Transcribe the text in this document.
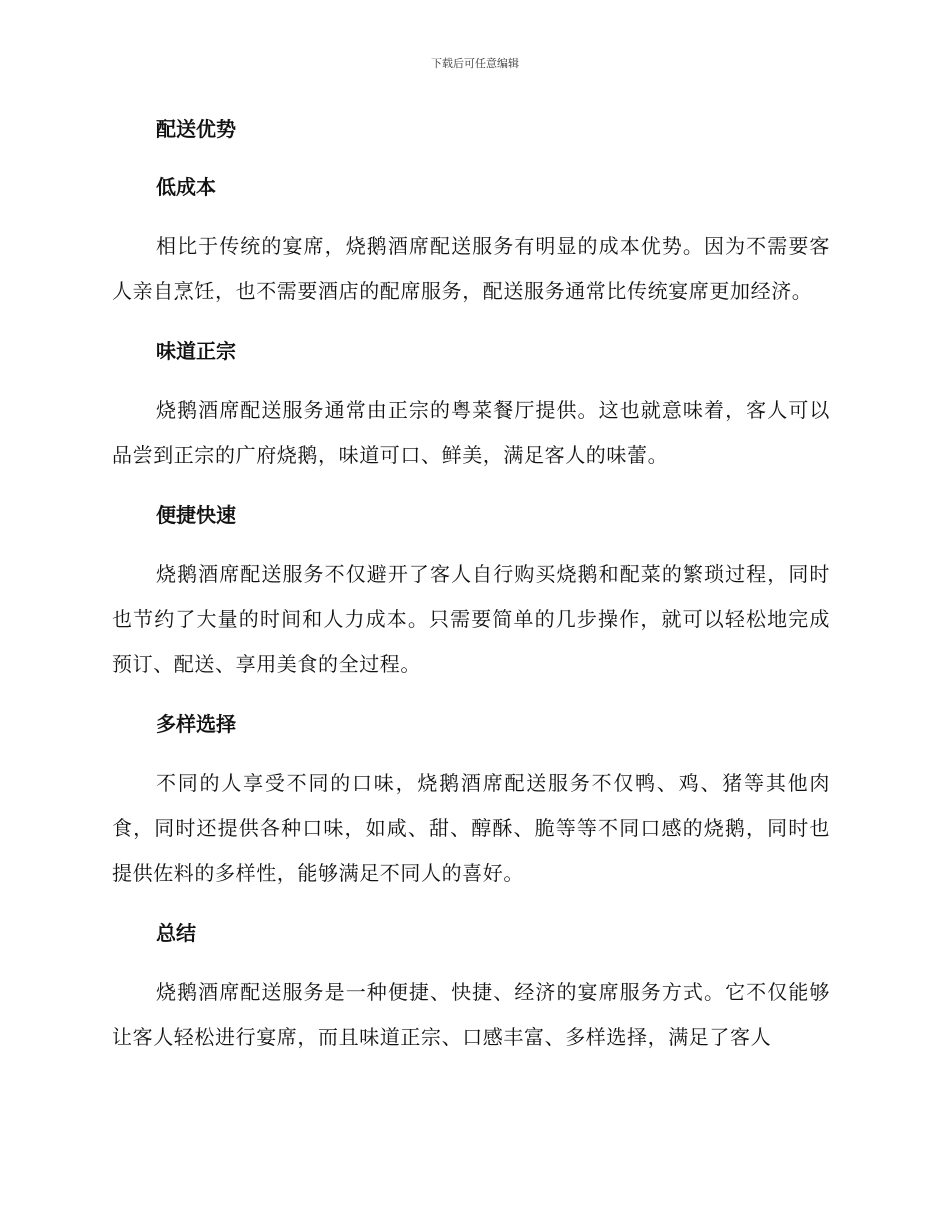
下载后可任意编辑
配送优势
低成本

相比于传统的宴席，烧鹅酒席配送服务有明显的成本优势。因为不需要客人亲自烹饪，也不需要酒店的配席服务，配送服务通常比传统宴席更加经济。

味道正宗

烧鹅酒席配送服务通常由正宗的粤菜餐厅提供。这也就意味着，客人可以品尝到正宗的广府烧鹅，味道可口、鲜美，满足客人的味蕾。

便捷快速

烧鹅酒席配送服务不仅避开了客人自行购买烧鹅和配菜的繁琐过程，同时也节约了大量的时间和人力成本。只需要简单的几步操作，就可以轻松地完成预订、配送、享用美食的全过程。

多样选择

不同的人享受不同的口味，烧鹅酒席配送服务不仅鸭、鸡、猪等其他肉食，同时还提供各种口味，如咸、甜、醇酥、脆等等不同口感的烧鹅，同时也提供佐料的多样性，能够满足不同人的喜好。

总结

烧鹅酒席配送服务是一种便捷、快捷、经济的宴席服务方式。它不仅能够让客人轻松进行宴席，而且味道正宗、口感丰富、多样选择，满足了客人
